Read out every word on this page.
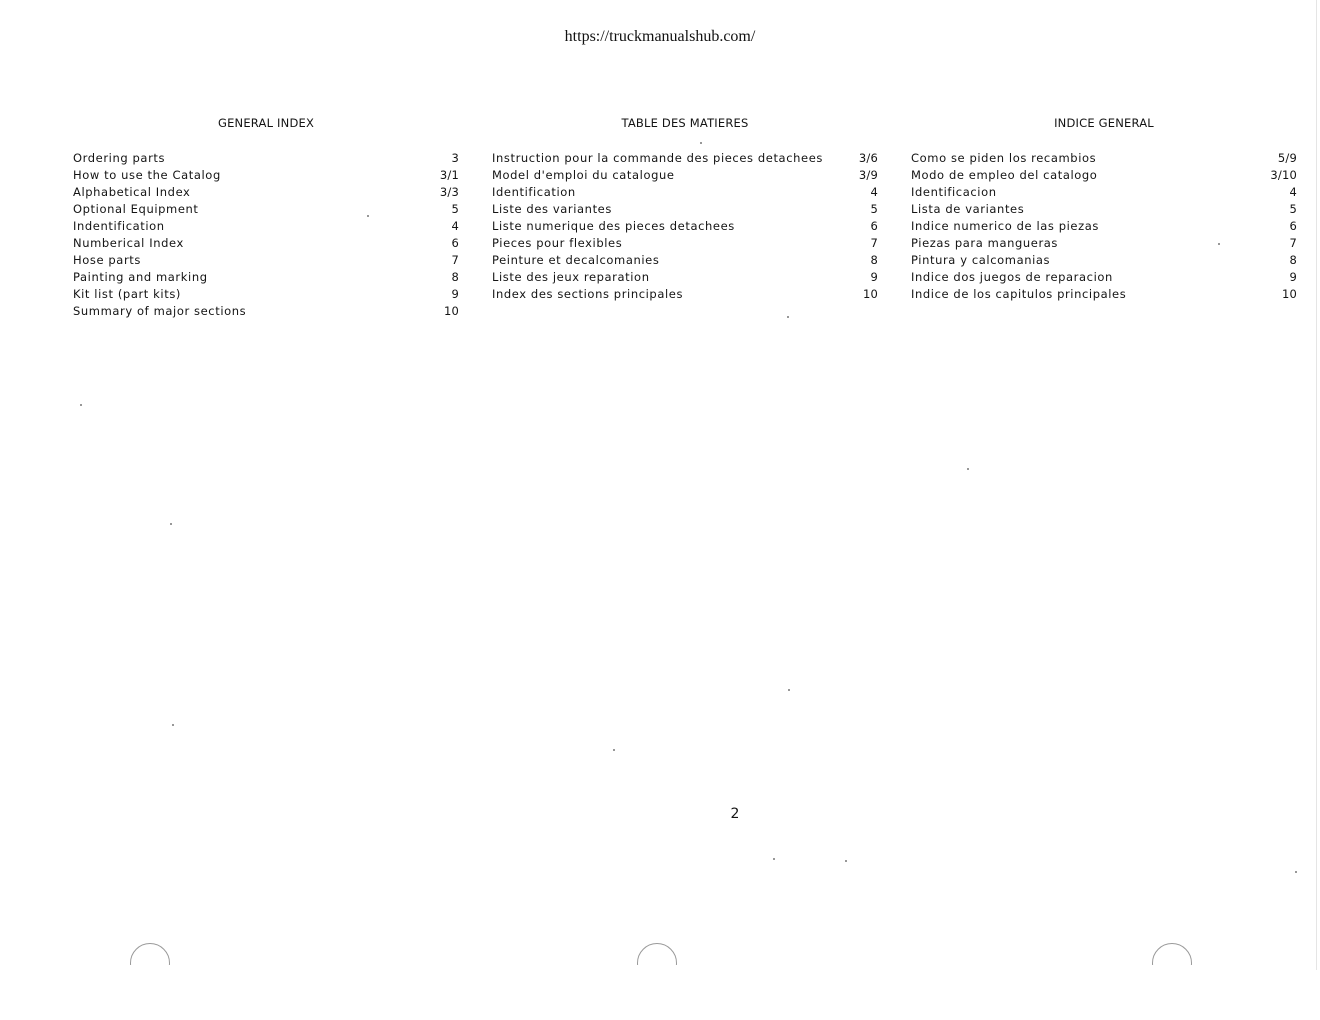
https://truckmanualshub.com/
GENERAL INDEX
Ordering parts	3
How to use the Catalog	3/1
Alphabetical Index	3/3
Optional Equipment	5
Indentification	4
Numberical Index	6
Hose parts	7
Painting and marking	8
Kit list (part kits)	9
Summary of major sections	10
TABLE DES MATIERES
Instruction pour la commande des pieces detachees	3/6
Model d'emploi du catalogue	3/9
Identification	4
Liste des variantes	5
Liste numerique des pieces detachees	6
Pieces pour flexibles	7
Peinture et decalcomanies	8
Liste des jeux reparation	9
Index des sections principales	10
INDICE GENERAL
Como se piden los recambios	5/9
Modo de empleo del catalogo	3/10
Identificacion	4
Lista de variantes	5
Indice numerico de las piezas	6
Piezas para mangueras	7
Pintura y calcomanias	8
Indice dos juegos de reparacion	9
Indice de los capitulos principales	10
2
